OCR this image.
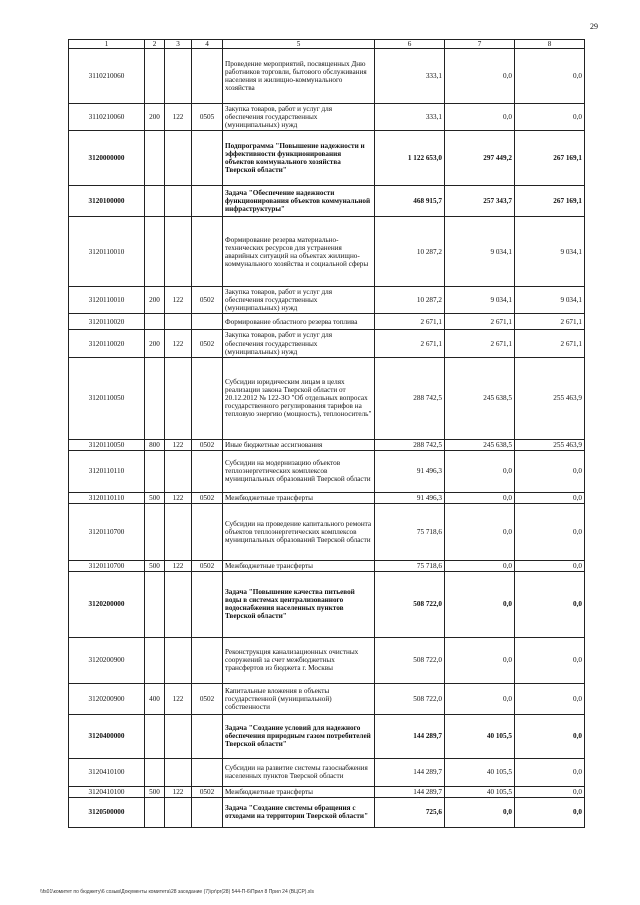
29
1	2	3	4	5	6	7	8
3110210060				Проведение мероприятий, посвященных Дню работников торговли, бытового обслуживания населения и жилищно-коммунального хозяйства	333,1	0,0	0,0
3110210060	200	122	0505	Закупка товаров, работ и услуг для обеспечения государственных (муниципальных) нужд	333,1	0,0	0,0
3120000000				Подпрограмма "Повышение надежности и эффективности функционирования объектов коммунального хозяйства Тверской области"	1 122 653,0	297 449,2	267 169,1
3120100000				Задача "Обеспечение надежности функционирования объектов коммунальной инфраструктуры"	468 915,7	257 343,7	267 169,1
3120110010				Формирование резерва материально-технических ресурсов для устранения аварийных ситуаций на объектах жилищно-коммунального хозяйства и социальной сферы	10 287,2	9 034,1	9 034,1
3120110010	200	122	0502	Закупка товаров, работ и услуг для обеспечения государственных (муниципальных) нужд	10 287,2	9 034,1	9 034,1
3120110020				Формирование областного резерва топлива	2 671,1	2 671,1	2 671,1
3120110020	200	122	0502	Закупка товаров, работ и услуг для обеспечения государственных (муниципальных) нужд	2 671,1	2 671,1	2 671,1
3120110050				Субсидии юридическим лицам в целях реализации закона Тверской области от 20.12.2012 № 122-ЗО "Об отдельных вопросах государственного регулирования тарифов на тепловую энергию (мощность), теплоноситель"	288 742,5	245 638,5	255 463,9
3120110050	800	122	0502	Иные бюджетные ассигнования	288 742,5	245 638,5	255 463,9
3120110110				Субсидии на модернизацию объектов теплоэнергетических комплексов муниципальных образований Тверской области	91 496,3	0,0	0,0
3120110110	500	122	0502	Межбюджетные трансферты	91 496,3	0,0	0,0
3120110700				Субсидии на проведение капитального ремонта объектов теплоэнергетических комплексов муниципальных образований Тверской области	75 718,6	0,0	0,0
3120110700	500	122	0502	Межбюджетные трансферты	75 718,6	0,0	0,0
3120200000				Задача "Повышение качества питьевой воды в системах централизованного водоснабжения населенных пунктов Тверской области"	508 722,0	0,0	0,0
3120200900				Реконструкция канализационных очистных сооружений за счет межбюджетных трансфертов из бюджета г. Москвы	508 722,0	0,0	0,0
3120200900	400	122	0502	Капитальные вложения в объекты государственной (муниципальной) собственности	508 722,0	0,0	0,0
3120400000				Задача "Создание условий для надежного обеспечения природным газом потребителей Тверской области"	144 289,7	40 105,5	0,0
3120410100				Субсидии на развитие системы газоснабжения населенных пунктов Тверской области	144 289,7	40 105,5	0,0
3120410100	500	122	0502	Межбюджетные трансферты	144 289,7	40 105,5	0,0
3120500000				Задача "Создание системы обращения с отходами на территории Тверской области"	725,6	0,0	0,0
\\fs01\комитет по бюджету\6 созыв\Документы комитета\28 заседание (7)\pr\pr(28) 544-П-6\Прил 8 Прил 24 (ВЦСР).xls
